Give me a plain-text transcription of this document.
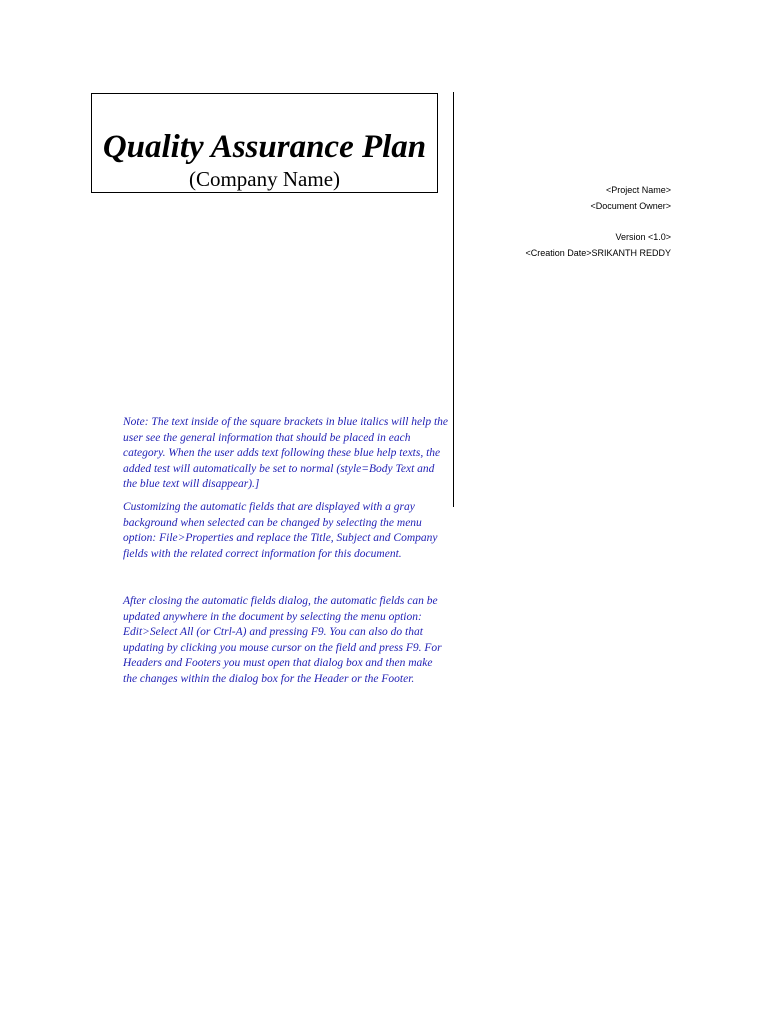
Quality Assurance Plan
(Company Name)	<Project Name>
<Document Owner>
Version <1.0>
<Creation Date>SRIKANTH REDDY
Note: The text inside of the square brackets in blue italics will help the user see the general information that should be placed in each category. When the user adds text following these blue help texts, the added test will automatically be set to normal (style=Body Text and the blue text will disappear).]
Customizing the automatic fields that are displayed with a gray background when selected can be changed by selecting the menu option: File>Properties and replace the Title, Subject and Company fields with the related correct information for this document.
After closing the automatic fields dialog, the automatic fields can be updated anywhere in the document by selecting the menu option: Edit>Select All (or Ctrl-A) and pressing F9. You can also do that updating by clicking you mouse cursor on the field and press F9. For Headers and Footers you must open that dialog box and then make the changes within the dialog box for the Header or the Footer.
